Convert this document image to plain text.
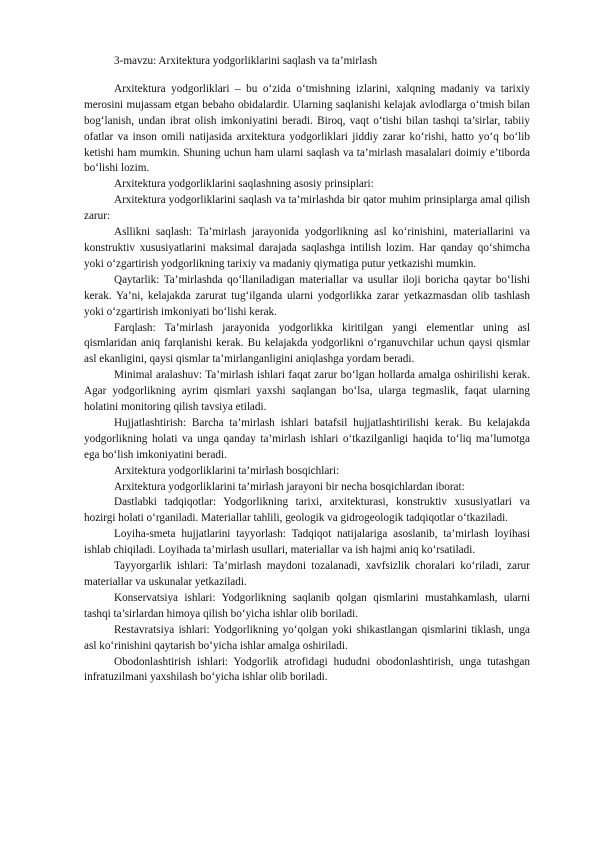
3-mavzu: Arxitektura yodgorliklarini saqlash va ta’mirlash

Arxitektura yodgorliklari – bu o‘zida o‘tmishning izlarini, xalqning madaniy va tarixiy merosini mujassam etgan bebaho obidalardir. Ularning saqlanishi kelajak avlodlarga o‘tmish bilan bog‘lanish, undan ibrat olish imkoniyatini beradi. Biroq, vaqt o‘tishi bilan tashqi ta’sirlar, tabiiy ofatlar va inson omili natijasida arxitektura yodgorliklari jiddiy zarar ko‘rishi, hatto yo‘q bo‘lib ketishi ham mumkin. Shuning uchun ham ularni saqlash va ta’mirlash masalalari doimiy e’tiborda bo‘lishi lozim.

Arxitektura yodgorliklarini saqlashning asosiy prinsiplari:

Arxitektura yodgorliklarini saqlash va ta’mirlashda bir qator muhim prinsiplarga amal qilish zarur:

Asllikni saqlash: Ta’mirlash jarayonida yodgorlikning asl ko‘rinishini, materiallarini va konstruktiv xususiyatlarini maksimal darajada saqlashga intilish lozim. Har qanday qo‘shimcha yoki o‘zgartirish yodgorlikning tarixiy va madaniy qiymatiga putur yetkazishi mumkin.

Qaytarlik: Ta’mirlashda qo‘llaniladigan materiallar va usullar iloji boricha qaytar bo‘lishi kerak. Ya’ni, kelajakda zarurat tug‘ilganda ularni yodgorlikka zarar yetkazmasdan olib tashlash yoki o‘zgartirish imkoniyati bo‘lishi kerak.

Farqlash: Ta’mirlash jarayonida yodgorlikka kiritilgan yangi elementlar uning asl qismlaridan aniq farqlanishi kerak. Bu kelajakda yodgorlikni o‘rganuvchilar uchun qaysi qismlar asl ekanligini, qaysi qismlar ta’mirlanganligini aniqlashga yordam beradi.

Minimal aralashuv: Ta’mirlash ishlari faqat zarur bo‘lgan hollarda amalga oshirilishi kerak. Agar yodgorlikning ayrim qismlari yaxshi saqlangan bo‘lsa, ularga tegmaslik, faqat ularning holatini monitoring qilish tavsiya etiladi.

Hujjatlashtirish: Barcha ta’mirlash ishlari batafsil hujjatlashtirilishi kerak. Bu kelajakda yodgorlikning holati va unga qanday ta’mirlash ishlari o‘tkazilganligi haqida to‘liq ma’lumotga ega bo‘lish imkoniyatini beradi.

Arxitektura yodgorliklarini ta’mirlash bosqichlari:

Arxitektura yodgorliklarini ta’mirlash jarayoni bir necha bosqichlardan iborat:

Dastlabki tadqiqotlar: Yodgorlikning tarixi, arxitekturasi, konstruktiv xususiyatlari va hozirgi holati o‘rganiladi. Materiallar tahlili, geologik va gidrogeologik tadqiqotlar o‘tkaziladi.

Loyiha-smeta hujjatlarini tayyorlash: Tadqiqot natijalariga asoslanib, ta’mirlash loyihasi ishlab chiqiladi. Loyihada ta’mirlash usullari, materiallar va ish hajmi aniq ko‘rsatiladi.

Tayyorgarlik ishlari: Ta’mirlash maydoni tozalanadi, xavfsizlik choralari ko‘riladi, zarur materiallar va uskunalar yetkaziladi.

Konservatsiya ishlari: Yodgorlikning saqlanib qolgan qismlarini mustahkamlash, ularni tashqi ta’sirlardan himoya qilish bo‘yicha ishlar olib boriladi.

Restavratsiya ishlari: Yodgorlikning yo‘qolgan yoki shikastlangan qismlarini tiklash, unga asl ko‘rinishini qaytarish bo‘yicha ishlar amalga oshiriladi.

Obodonlashtirish ishlari: Yodgorlik atrofidagi hududni obodonlashtirish, unga tutashgan infratuzilmani yaxshilash bo‘yicha ishlar olib boriladi.
